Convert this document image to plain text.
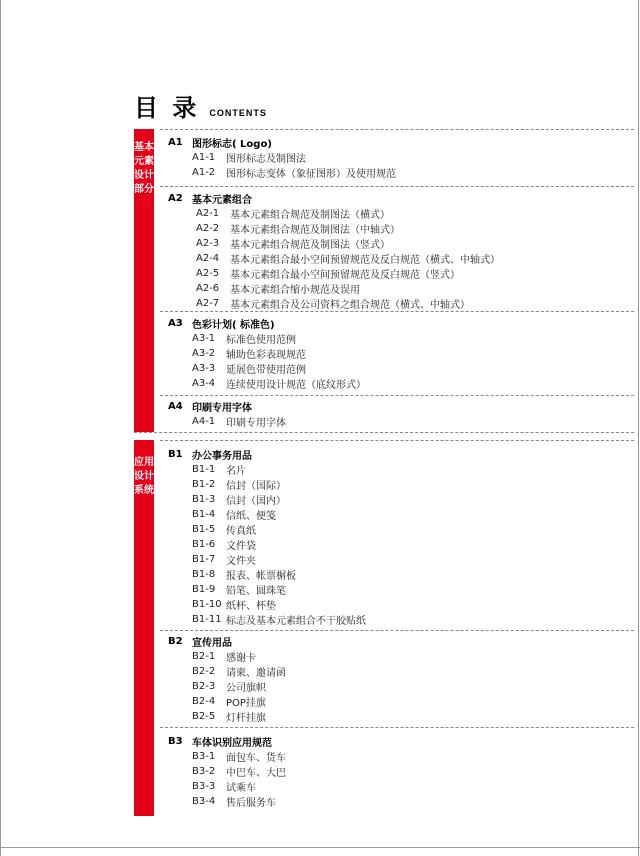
目 录 CONTENTS
基本元素设计部分
应用设计系统
A1 图形标志( Logo)
A1-1	图形标志及制图法
A1-2	图形标志变体（象征图形）及使用规范
A2 基本元素组合
A2-1	基本元素组合规范及制图法（横式）
A2-2	基本元素组合规范及制图法（中轴式）
A2-3	基本元素组合规范及制图法（竖式）
A2-4	基本元素组合最小空间预留规范及反白规范（横式、中轴式）
A2-5	基本元素组合最小空间预留规范及反白规范（竖式）
A2-6	基本元素组合缩小规范及误用
A2-7	基本元素组合及公司资料之组合规范（横式、中轴式）
A3 色彩计划( 标准色)
A3-1	标准色使用范例
A3-2	辅助色彩表现规范
A3-3	延展色带使用范例
A3-4	连续使用设计规范（底纹形式）
A4 印刷专用字体
A4-1	印刷专用字体
B1 办公事务用品
B1-1	名片
B1-2	信封（国际）
B1-3	信封（国内）
B1-4	信纸、便笺
B1-5	传真纸
B1-6	文件袋
B1-7	文件夹
B1-8	报表、帐票榍板
B1-9	铅笔、圆珠笔
B1-10 纸杯、杯垫
B1-11 标志及基本元素组合不干胶贴纸
B2 宣传用品
B2-1	感谢卡
B2-2	请柬、邀请函
B2-3	公司旗帜
B2-4	POP挂旗
B2-5	灯杆挂旗
B3 车体识别应用规范
B3-1	面包车、货车
B3-2	中巴车、大巴
B3-3	试乘车
B3-4	售后服务车
